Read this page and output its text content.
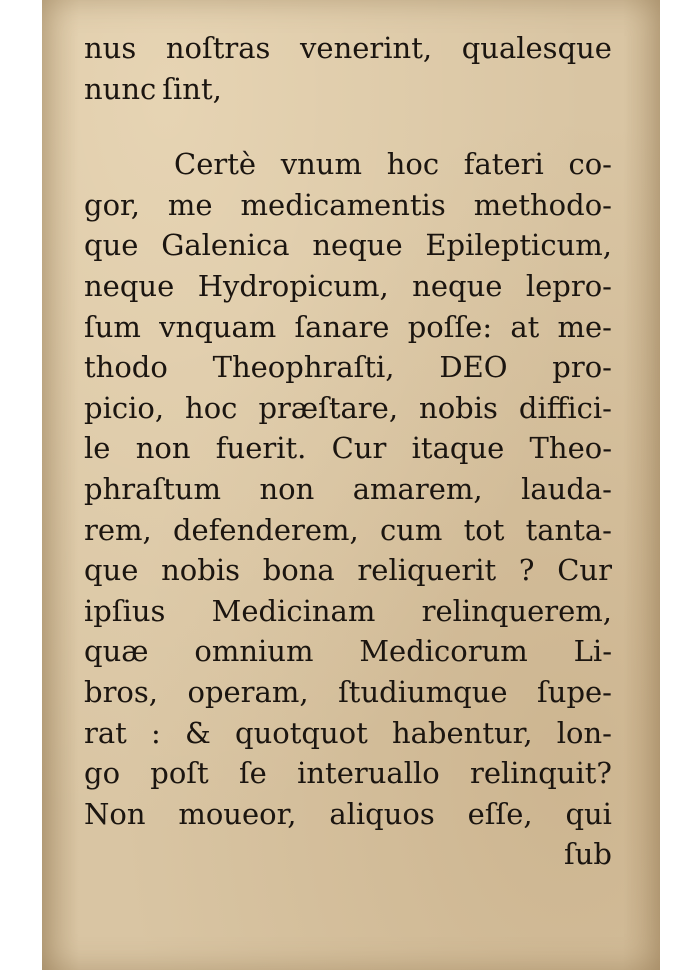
nus noſtras venerint, qualesque
nunc ſint,
Certè vnum hoc fateri co-
gor, me medicamentis methodo-
que Galenica neque Epilepticum,
neque Hydropicum, neque lepro-
ſum vnquam ſanare poſſe: at me-
thodo Theophraſti, DEO pro-
picio, hoc præſtare, nobis diffici-
le non fuerit. Cur itaque Theo-
phraſtum non amarem, lauda-
rem, defenderem, cum tot tanta-
que nobis bona reliquerit ? Cur
ipſius Medicinam relinquerem,
quæ omnium Medicorum Li-
bros, operam, ſtudiumque ſupe-
rat : & quotquot habentur, lon-
go poſt ſe interuallo relinquit?
Non moueor, aliquos eſſe, qui
ſub
